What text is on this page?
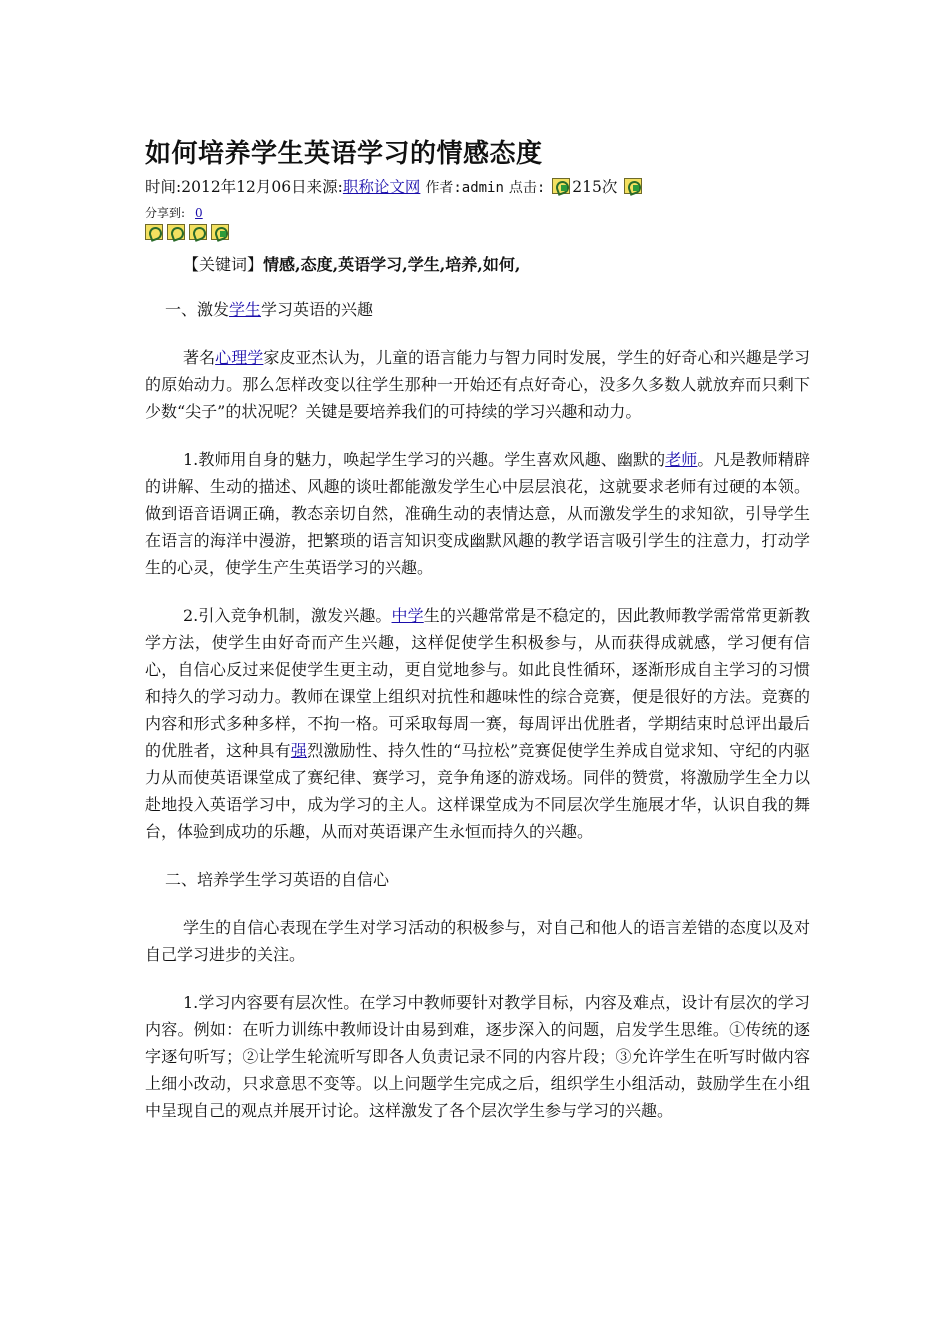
如何培养学生英语学习的情感态度
时间:2012年12月06日来源:职称论文网 作者:admin 点击: 215次
分享到: 0
【关键词】情感,态度,英语学习,学生,培养,如何,
一、激发学生学习英语的兴趣

著名心理学家皮亚杰认为，儿童的语言能力与智力同时发展，学生的好奇心和兴趣是学习的原始动力。那么怎样改变以往学生那种一开始还有点好奇心，没多久多数人就放弃而只剩下少数“尖子”的状况呢？关键是要培养我们的可持续的学习兴趣和动力。

1.教师用自身的魅力，唤起学生学习的兴趣。学生喜欢风趣、幽默的老师。凡是教师精辟的讲解、生动的描述、风趣的谈吐都能激发学生心中层层浪花，这就要求老师有过硬的本领。做到语音语调正确，教态亲切自然，准确生动的表情达意，从而激发学生的求知欲，引导学生在语言的海洋中漫游，把繁琐的语言知识变成幽默风趣的教学语言吸引学生的注意力，打动学生的心灵，使学生产生英语学习的兴趣。

2.引入竞争机制，激发兴趣。中学生的兴趣常常是不稳定的，因此教师教学需常常更新教学方法，使学生由好奇而产生兴趣，这样促使学生积极参与，从而获得成就感，学习便有信心，自信心反过来促使学生更主动，更自觉地参与。如此良性循环，逐渐形成自主学习的习惯和持久的学习动力。教师在课堂上组织对抗性和趣味性的综合竞赛，便是很好的方法。竞赛的内容和形式多种多样，不拘一格。可采取每周一赛，每周评出优胜者，学期结束时总评出最后的优胜者，这种具有强烈激励性、持久性的“马拉松”竞赛促使学生养成自觉求知、守纪的内驱力从而使英语课堂成了赛纪律、赛学习，竞争角逐的游戏场。同伴的赞赏，将激励学生全力以赴地投入英语学习中，成为学习的主人。这样课堂成为不同层次学生施展才华，认识自我的舞台，体验到成功的乐趣，从而对英语课产生永恒而持久的兴趣。

二、培养学生学习英语的自信心

学生的自信心表现在学生对学习活动的积极参与，对自己和他人的语言差错的态度以及对自己学习进步的关注。

1.学习内容要有层次性。在学习中教师要针对教学目标，内容及难点，设计有层次的学习内容。例如：在听力训练中教师设计由易到难，逐步深入的问题，启发学生思维。①传统的逐字逐句听写；②让学生轮流听写即各人负责记录不同的内容片段；③允许学生在听写时做内容上细小改动，只求意思不变等。以上问题学生完成之后，组织学生小组活动，鼓励学生在小组中呈现自己的观点并展开讨论。这样激发了各个层次学生参与学习的兴趣。
